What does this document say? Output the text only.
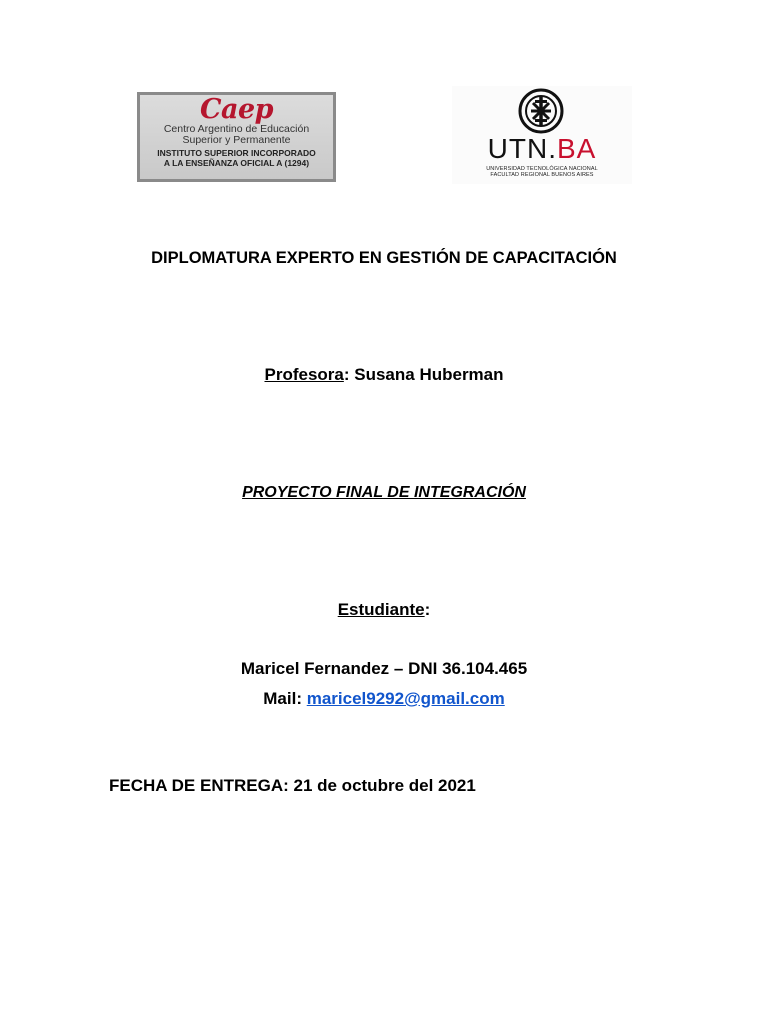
Caep
Centro Argentino de Educación
Superior y Permanente
INSTITUTO SUPERIOR INCORPORADO
A LA ENSEÑANZA OFICIAL A (1294)	UTN.BA
UNIVERSIDAD TECNOLÓGICA NACIONAL
FACULTAD REGIONAL BUENOS AIRES
DIPLOMATURA EXPERTO EN GESTIÓN DE CAPACITACIÓN
Profesora: Susana Huberman
PROYECTO FINAL DE INTEGRACIÓN
Estudiante:
Maricel Fernandez – DNI 36.104.465
Mail: maricel9292@gmail.com
FECHA DE ENTREGA: 21 de octubre del 2021
